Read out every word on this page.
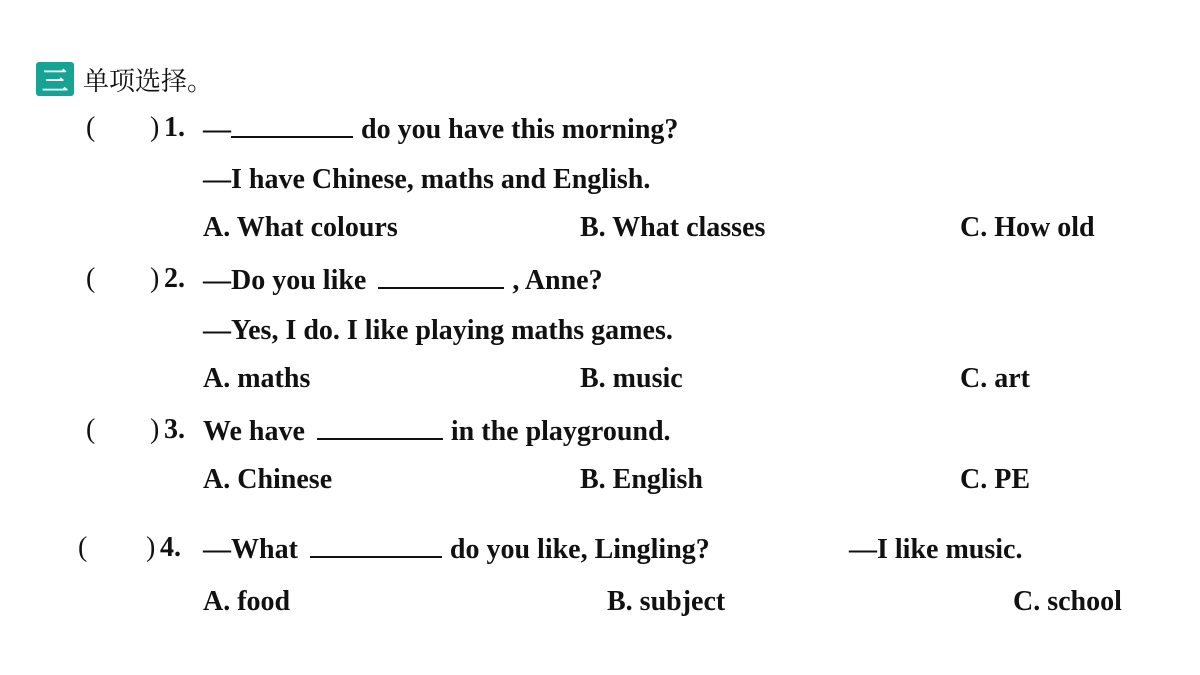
三 单项选择。
( ) 1. —	do you have this morning?
—I have Chinese, maths and English.
A. What colours	B. What classes	C. How old
( ) 2. —Do you like	, Anne?
—Yes, I do. I like playing maths games.
A. maths	B. music	C. art
( ) 3. We have	in the playground.
A. Chinese	B. English	C. PE
( ) 4. —What	do you like, Lingling?	—I like music.
A. food	B. subject	C. school
